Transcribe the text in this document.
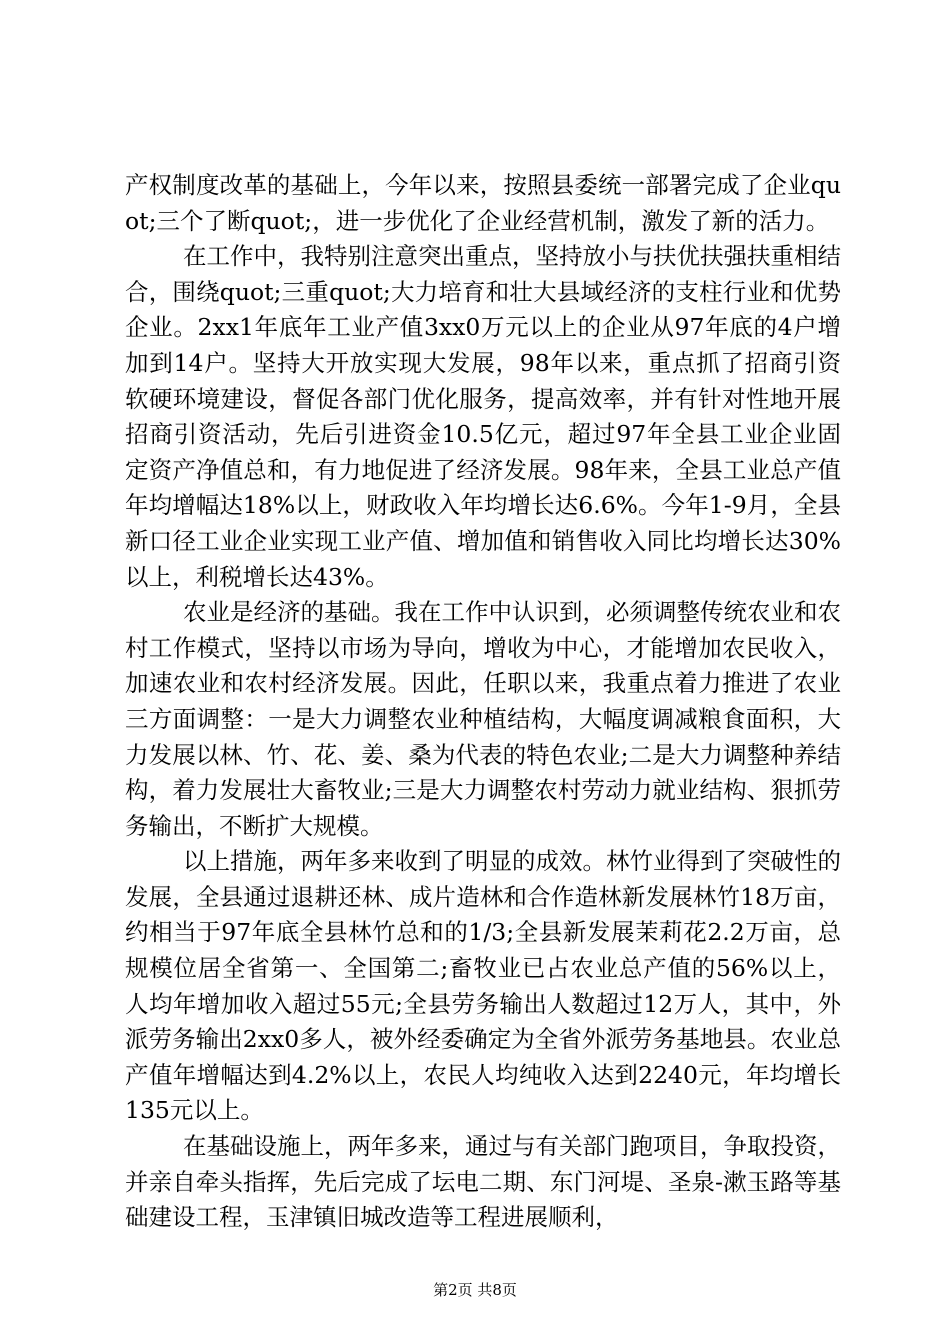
产权制度改革的基础上，今年以来，按照县委统一部署完成了企业quot;三个了断quot;，进一步优化了企业经营机制，激发了新的活力。

在工作中，我特别注意突出重点，坚持放小与扶优扶强扶重相结合，围绕quot;三重quot;大力培育和壮大县域经济的支柱行业和优势企业。2xx1年底年工业产值3xx0万元以上的企业从97年底的4户增加到14户。坚持大开放实现大发展，98年以来，重点抓了招商引资软硬环境建设，督促各部门优化服务，提高效率，并有针对性地开展招商引资活动，先后引进资金10.5亿元，超过97年全县工业企业固定资产净值总和，有力地促进了经济发展。98年来，全县工业总产值年均增幅达18%以上，财政收入年均增长达6.6%。今年1-9月，全县新口径工业企业实现工业产值、增加值和销售收入同比均增长达30%以上，利税增长达43%。

农业是经济的基础。我在工作中认识到，必须调整传统农业和农村工作模式，坚持以市场为导向，增收为中心，才能增加农民收入，加速农业和农村经济发展。因此，任职以来，我重点着力推进了农业三方面调整：一是大力调整农业种植结构，大幅度调减粮食面积，大力发展以林、竹、花、姜、桑为代表的特色农业;二是大力调整种养结构，着力发展壮大畜牧业;三是大力调整农村劳动力就业结构、狠抓劳务输出，不断扩大规模。

以上措施，两年多来收到了明显的成效。林竹业得到了突破性的发展，全县通过退耕还林、成片造林和合作造林新发展林竹18万亩，约相当于97年底全县林竹总和的1/3;全县新发展茉莉花2.2万亩，总规模位居全省第一、全国第二;畜牧业已占农业总产值的56%以上，人均年增加收入超过55元;全县劳务输出人数超过12万人，其中，外派劳务输出2xx0多人，被外经委确定为全省外派劳务基地县。农业总产值年增幅达到4.2%以上，农民人均纯收入达到2240元，年均增长135元以上。

在基础设施上，两年多来，通过与有关部门跑项目，争取投资，并亲自牵头指挥，先后完成了坛电二期、东门河堤、圣泉-漱玉路等基础建设工程，玉津镇旧城改造等工程进展顺利，

第2页 共8页
